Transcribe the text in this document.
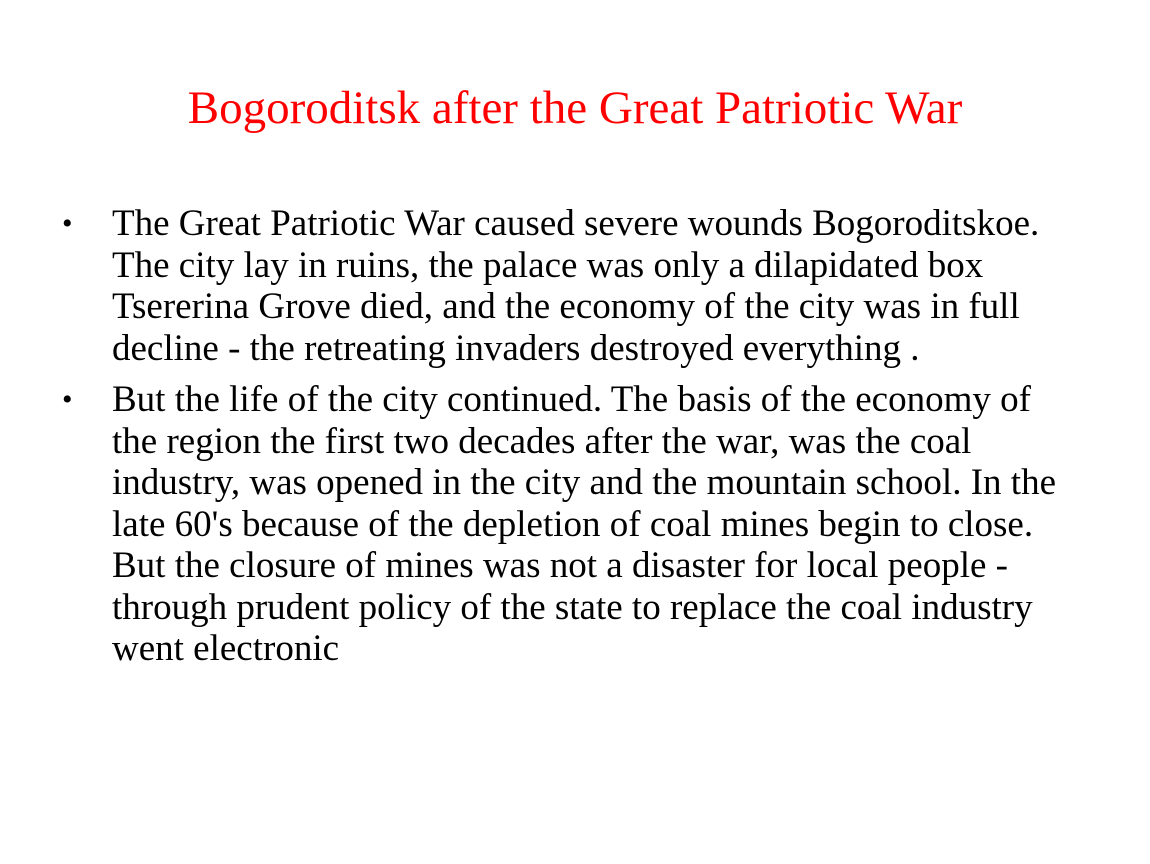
Bogoroditsk after the Great Patriotic War
•	The Great Patriotic War caused severe wounds Bogoroditskoe. The city lay in ruins, the palace was only a dilapidated box Tsererina Grove died, and the economy of the city was in full decline - the retreating invaders destroyed everything .
•	But the life of the city continued. The basis of the economy of the region the first two decades after the war, was the coal industry, was opened in the city and the mountain school. In the late 60's because of the depletion of coal mines begin to close. But the closure of mines was not a disaster for local people - through prudent policy of the state to replace the coal industry went electronic
